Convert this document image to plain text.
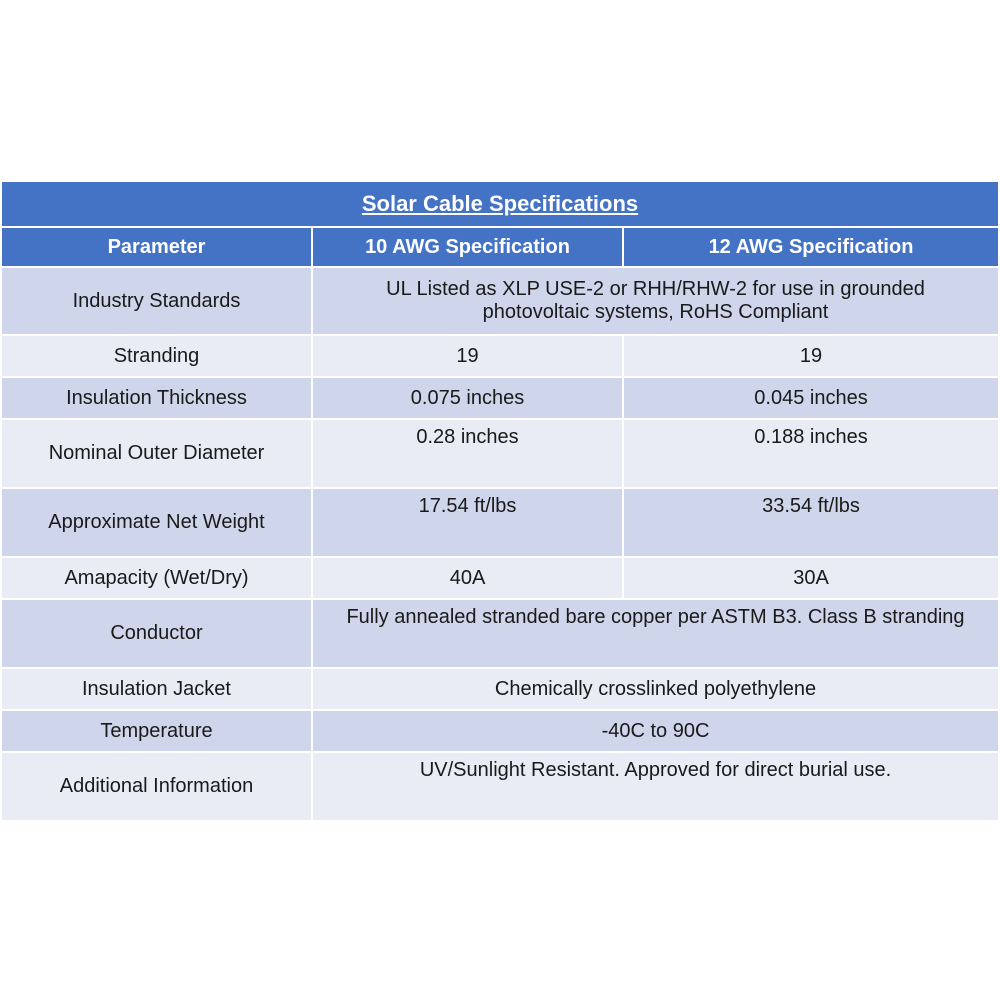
Solar Cable Specifications		
Parameter	10 AWG Specification	12 AWG Specification
Industry Standards	UL Listed as XLP USE-2 or RHH/RHW-2 for use in grounded photovoltaic systems, RoHS Compliant	
Stranding	19	19
Insulation Thickness	0.075 inches	0.045 inches
Nominal Outer Diameter	0.28 inches	0.188 inches
Approximate Net Weight	17.54 ft/lbs	33.54 ft/lbs
Amapacity (Wet/Dry)	40A	30A
Conductor	Fully annealed stranded bare copper per ASTM B3. Class B stranding	
Insulation Jacket	Chemically crosslinked polyethylene	
Temperature	-40C to 90C	
Additional Information	UV/Sunlight Resistant. Approved for direct burial use.	
